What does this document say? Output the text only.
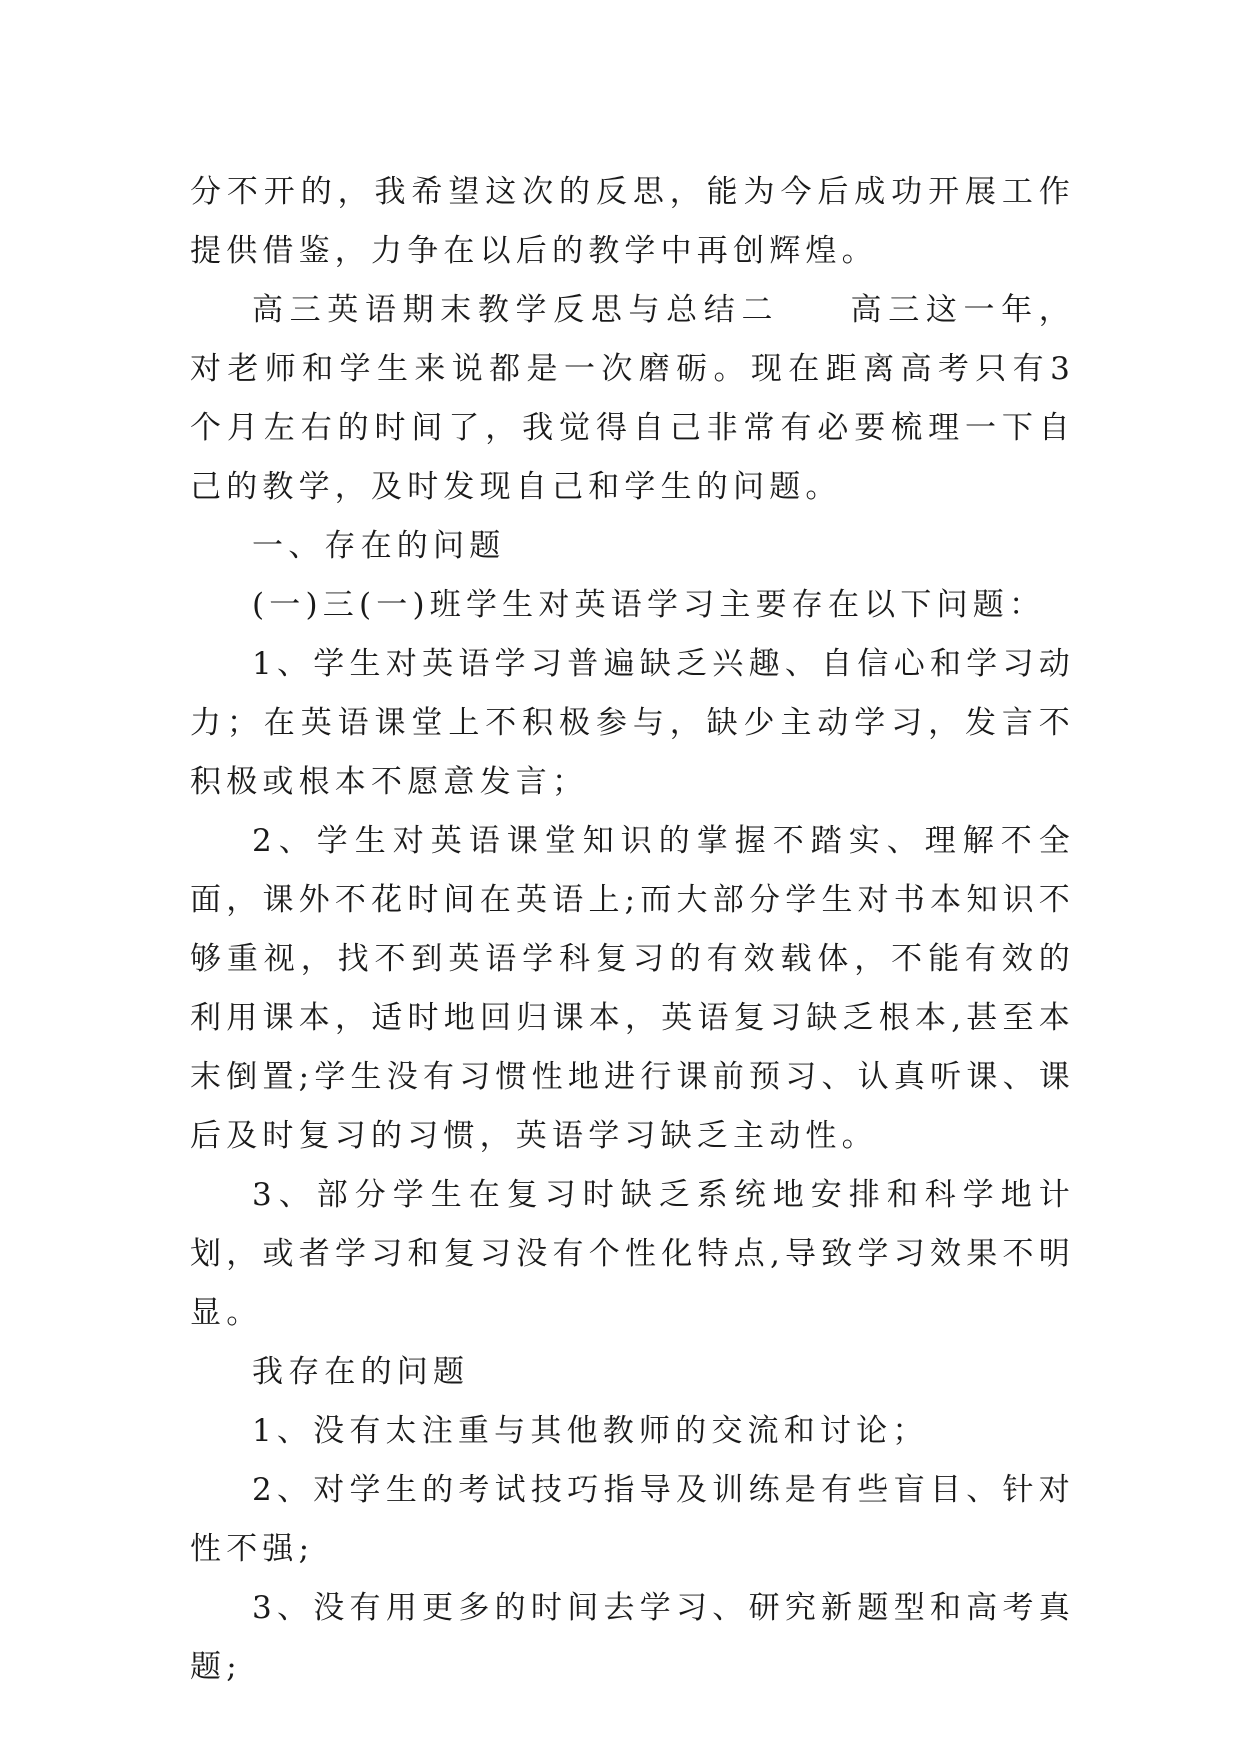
分不开的，我希望这次的反思，能为今后成功开展工作提供借鉴，力争在以后的教学中再创辉煌。

高三英语期末教学反思与总结二 高三这一年，对老师和学生来说都是一次磨砺。现在距离高考只有3个月左右的时间了，我觉得自己非常有必要梳理一下自己的教学，及时发现自己和学生的问题。

一、存在的问题

(一)三(一)班学生对英语学习主要存在以下问题：

1、学生对英语学习普遍缺乏兴趣、自信心和学习动力；在英语课堂上不积极参与，缺少主动学习，发言不积极或根本不愿意发言；

2、学生对英语课堂知识的掌握不踏实、理解不全面，课外不花时间在英语上;而大部分学生对书本知识不够重视，找不到英语学科复习的有效载体，不能有效的利用课本，适时地回归课本，英语复习缺乏根本,甚至本末倒置;学生没有习惯性地进行课前预习、认真听课、课后及时复习的习惯，英语学习缺乏主动性。

3、部分学生在复习时缺乏系统地安排和科学地计划，或者学习和复习没有个性化特点,导致学习效果不明显。

我存在的问题

1、没有太注重与其他教师的交流和讨论；

2、对学生的考试技巧指导及训练是有些盲目、针对性不强;

3、没有用更多的时间去学习、研究新题型和高考真题;
